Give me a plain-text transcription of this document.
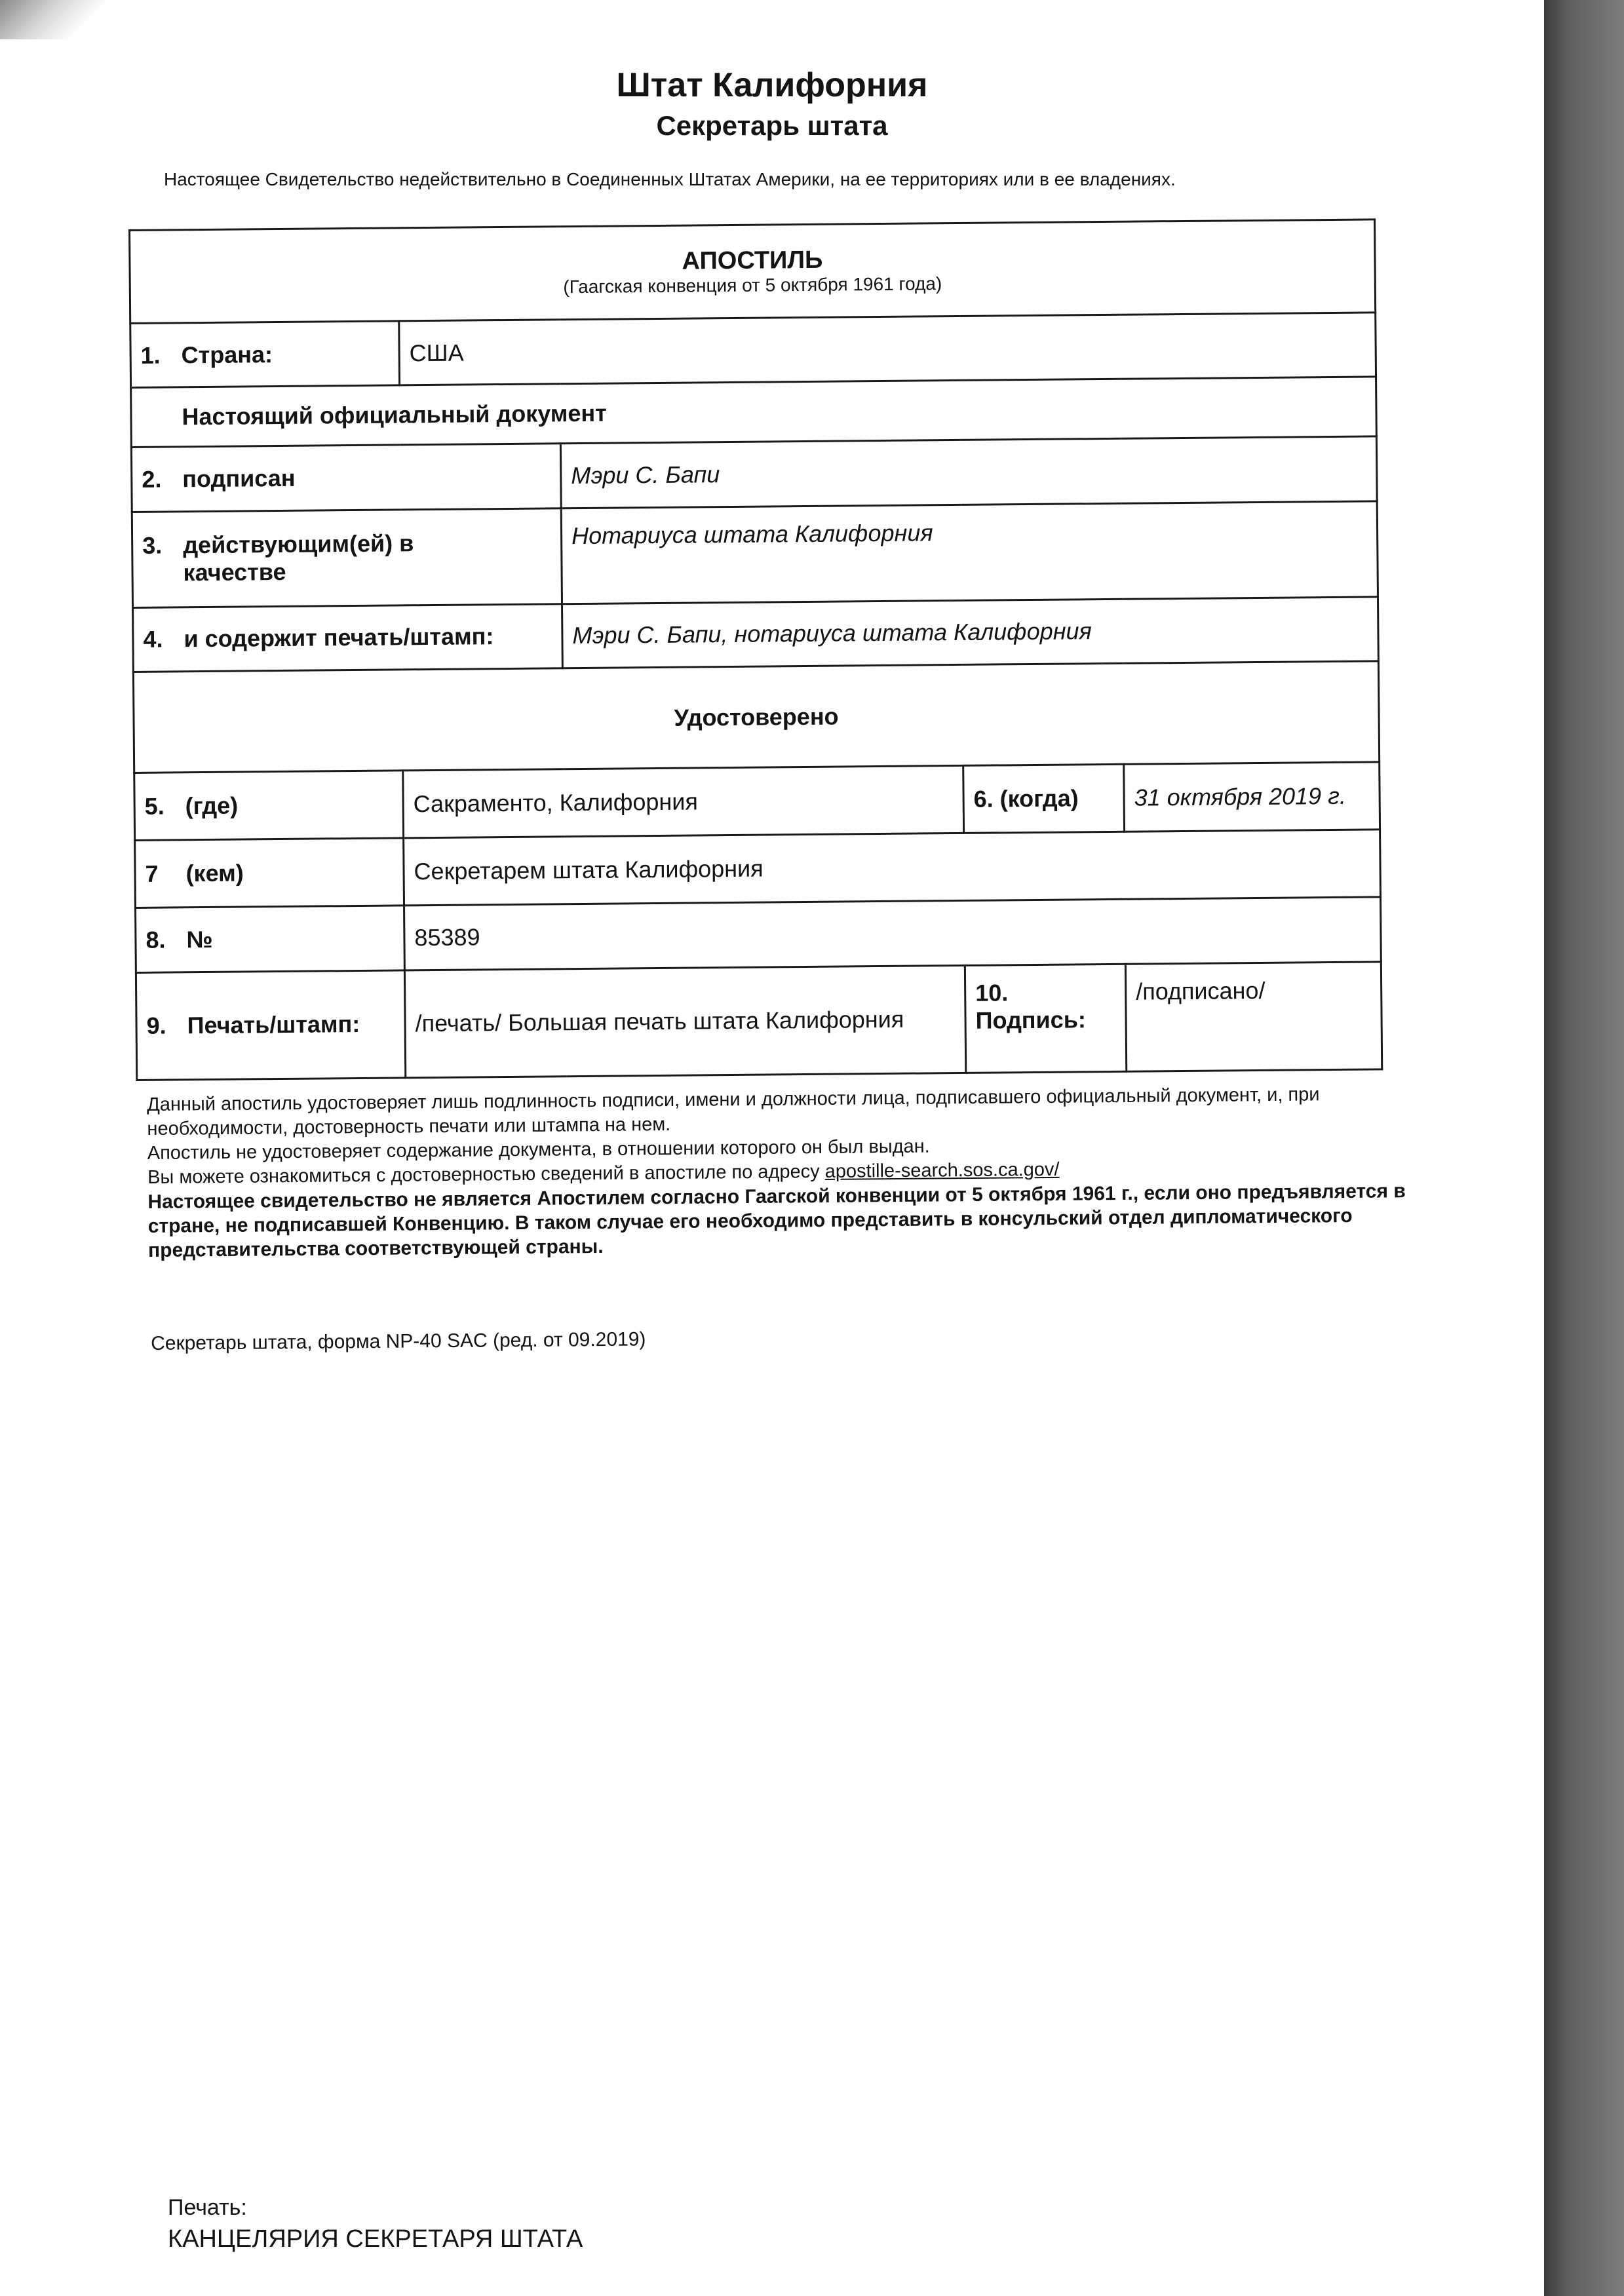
Штат Калифорния
Секретарь штата
Настоящее Свидетельство недействительно в Соединенных Штатах Америки, на ее территориях или в ее владениях.
АПОСТИЛЬ
(Гаагская конвенция от 5 октября 1961 года)				

1. Страна:	США			
Настоящий официальный документ				
2. подписан		Мэри С. Бапи		

3. действующим(ей) в
качестве		Нотариуса штата Калифорния		
4. и содержит печать/штамп:		Мэри С. Бапи, нотариуса штата Калифорния		
Удостоверено				
5. (где)	Сакраменто, Калифорния		6. (когда)	31 октября 2019 г.
7 (кем)	Секретарем штата Калифорния			
8. №	85389			
9. Печать/штамп:	/печать/ Большая печать штата Калифорния		10. Подпись:	/подписано/
Данный апостиль удостоверяет лишь подлинность подписи, имени и должности лица, подписавшего официальный документ, и, при необходимости, достоверность печати или штампа на нем.
Апостиль не удостоверяет содержание документа, в отношении которого он был выдан.
Вы можете ознакомиться с достоверностью сведений в апостиле по адресу apostille-search.sos.ca.gov/
Настоящее свидетельство не является Апостилем согласно Гаагской конвенции от 5 октября 1961 г., если оно предъявляется в стране, не подписавшей Конвенцию. В таком случае его необходимо представить в консульский отдел дипломатического представительства соответствующей страны.
Секретарь штата, форма NP-40 SAC (ред. от 09.2019)
Печать:
КАНЦЕЛЯРИЯ СЕКРЕТАРЯ ШТАТА
